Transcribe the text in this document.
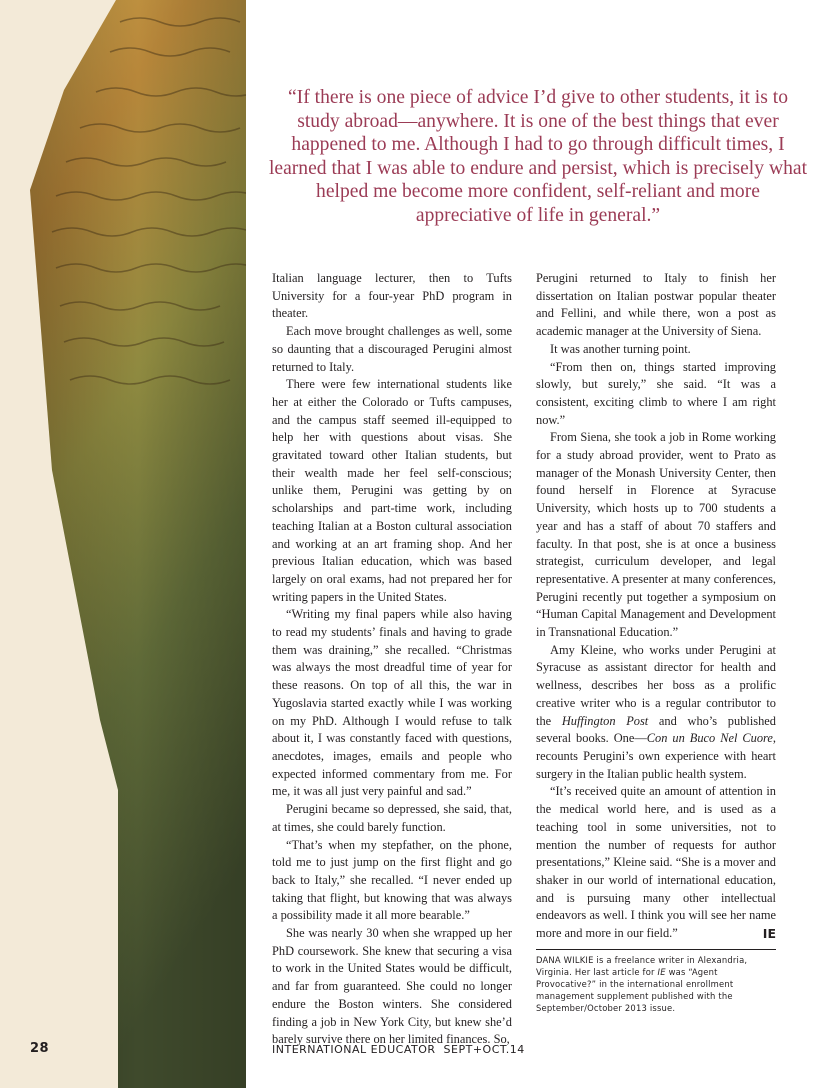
“If there is one piece of advice I’d give to other students, it is to study abroad—anywhere. It is one of the best things that ever happened to me. Although I had to go through difficult times, I learned that I was able to endure and persist, which is precisely what helped me become more confident, self-reliant and more appreciative of life in general.”

Italian language lecturer, then to Tufts University for a four-year PhD program in theater.

Each move brought challenges as well, some so daunting that a discouraged Perugini almost returned to Italy.

There were few international students like her at either the Colorado or Tufts campuses, and the campus staff seemed ill-equipped to help her with questions about visas. She gravitated toward other Italian students, but their wealth made her feel self-conscious; unlike them, Perugini was getting by on scholarships and part-time work, including teaching Italian at a Boston cultural association and working at an art framing shop. And her previous Italian education, which was based largely on oral exams, had not prepared her for writing papers in the United States.

“Writing my final papers while also having to read my students’ finals and having to grade them was draining,” she recalled. “Christmas was always the most dreadful time of year for these reasons. On top of all this, the war in Yugoslavia started exactly while I was working on my PhD. Although I would refuse to talk about it, I was constantly faced with questions, anecdotes, images, emails and people who expected informed commentary from me. For me, it was all just very painful and sad.”

Perugini became so depressed, she said, that, at times, she could barely function.

“That’s when my stepfather, on the phone, told me to just jump on the first flight and go back to Italy,” she recalled. “I never ended up taking that flight, but knowing that was always a possibility made it all more bearable.”

She was nearly 30 when she wrapped up her PhD coursework. She knew that securing a visa to work in the United States would be difficult, and far from guaranteed. She could no longer endure the Boston winters. She considered finding a job in New York City, but knew she’d barely survive there on her limited finances. So,

Perugini returned to Italy to finish her dissertation on Italian postwar popular theater and Fellini, and while there, won a post as academic manager at the University of Siena.

It was another turning point.

“From then on, things started improving slowly, but surely,” she said. “It was a consistent, exciting climb to where I am right now.”

From Siena, she took a job in Rome working for a study abroad provider, went to Prato as manager of the Monash University Center, then found herself in Florence at Syracuse University, which hosts up to 700 students a year and has a staff of about 70 staffers and faculty. In that post, she is at once a business strategist, curriculum developer, and legal representative. A presenter at many conferences, Perugini recently put together a symposium on “Human Capital Management and Development in Transnational Education.”

Amy Kleine, who works under Perugini at Syracuse as assistant director for health and wellness, describes her boss as a prolific creative writer who is a regular contributor to the Huffington Post and who’s published several books. One—Con un Buco Nel Cuore, recounts Perugini’s own experience with heart surgery in the Italian public health system.

“It’s received quite an amount of attention in the medical world here, and is used as a teaching tool in some universities, not to mention the number of requests for author presentations,” Kleine said. “She is a mover and shaker in our world of international education, and is pursuing many other intellectual endeavors as well. I think you will see her name more and more in our field.”	IE

DANA WILKIE is a freelance writer in Alexandria, Virginia. Her last article for IE was “Agent Provocative?” in the international enrollment management supplement published with the September/October 2013 issue.
28	INTERNATIONAL EDUCATOR SEPT+OCT.14
